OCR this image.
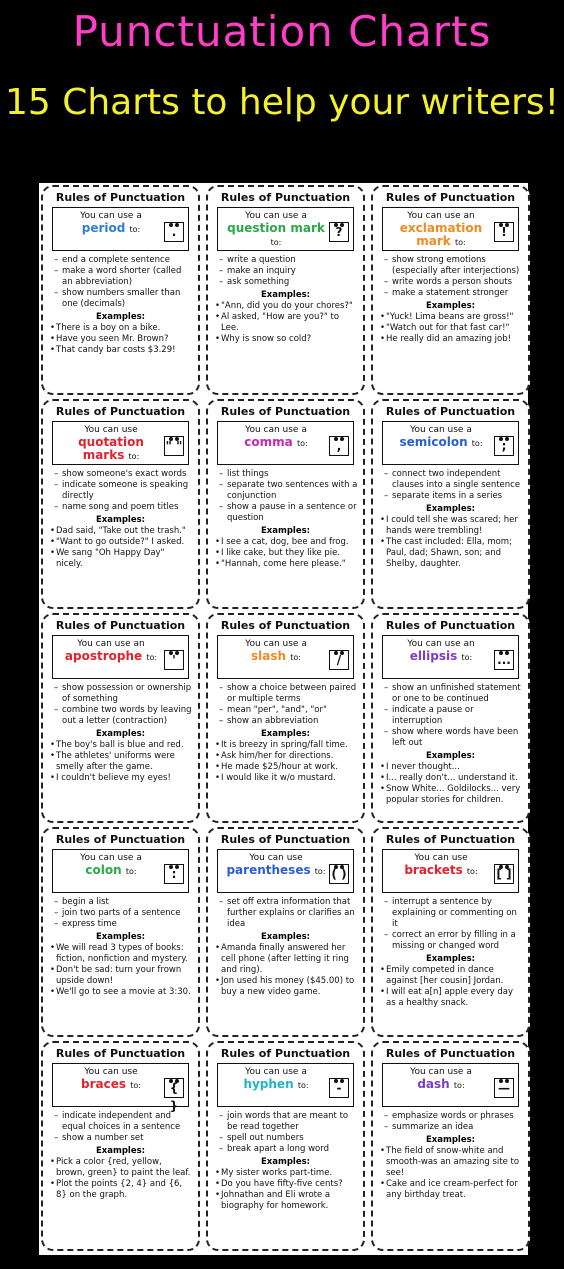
Punctuation Charts
15 Charts to help your writers!
Rules of Punctuation
You can use a
period to:	.
– end a complete sentence
– make a word shorter (called an abbreviation)
– show numbers smaller than one (decimals)
Examples:
• There is a boy on a bike.
• Have you seen Mr. Brown?
• That candy bar costs $3.29!
Rules of Punctuation
You can use a
question mark to:
?
– write a question
– make an inquiry
– ask something
Examples:
• "Ann, did you do your chores?"
• Al asked, "How are you?" to Lee.
• Why is snow so cold?
Rules of Punctuation
You can use an
exclamation mark to:
!
– show strong emotions (especially after interjections)
– write words a person shouts
– make a statement stronger
Examples:
• "Yuck! Lima beans are gross!"
• "Watch out for that fast car!"
• He really did an amazing job!
Rules of Punctuation
You can use
quotation marks to:
" "
– show someone's exact words
– indicate someone is speaking directly
– name song and poem titles
Examples:
• Dad said, "Take out the trash."
• "Want to go outside?" I asked.
• We sang "Oh Happy Day" nicely.
Rules of Punctuation
You can use a
comma to:	,
– list things
– separate two sentences with a conjunction
– show a pause in a sentence or question
Examples:
• I see a cat, dog, bee and frog.
• I like cake, but they like pie.
• "Hannah, come here please."
Rules of Punctuation
You can use a
semicolon to:	;
– connect two independent clauses into a single sentence
– separate items in a series
Examples:
• I could tell she was scared; her hands were trembling!
• The cast included: Ella, mom; Paul, dad; Shawn, son; and Shelby, daughter.
Rules of Punctuation
You can use an
apostrophe to:	'
– show possession or ownership of something
– combine two words by leaving out a letter (contraction)
Examples:
• The boy's ball is blue and red.
• The athletes' uniforms were smelly after the game.
• I couldn't believe my eyes!
Rules of Punctuation
You can use a
slash to:	/
– show a choice between paired or multiple terms
– mean "per", "and", "or"
– show an abbreviation
Examples:
• It is breezy in spring/fall time.
• Ask him/her for directions.
• He made $25/hour at work.
• I would like it w/o mustard.
Rules of Punctuation
You can use an
ellipsis to:	...
– show an unfinished statement or one to be continued
– indicate a pause or interruption
– show where words have been left out
Examples:
• I never thought...
• I... really don't... understand it.
• Snow White... Goldilocks... very popular stories for children.
Rules of Punctuation
You can use a
colon to:	:
– begin a list
– join two parts of a sentence
– express time
Examples:
• We will read 3 types of books: fiction, nonfiction and mystery.
• Don't be sad: turn your frown upside down!
• We'll go to see a movie at 3:30.
Rules of Punctuation
You can use
parentheses to: ( )
– set off extra information that further explains or clarifies an idea
Examples:
• Amanda finally answered her cell phone (after letting it ring and ring).
• Jon used his money ($45.00) to buy a new video game.
Rules of Punctuation
You can use
brackets to:	[ ]
– interrupt a sentence by explaining or commenting on it
– correct an error by filling in a missing or changed word
Examples:
• Emily competed in dance against [her cousin] Jordan.
• I will eat a[n] apple every day as a healthy snack.
Rules of Punctuation
You can use
braces to:	{ }
– indicate independent and equal choices in a sentence
– show a number set
Examples:
• Pick a color {red, yellow, brown, green} to paint the leaf.
• Plot the points {2, 4} and {6, 8} on the graph.
Rules of Punctuation
You can use a
hyphen to:	-
– join words that are meant to be read together
– spell out numbers
– break apart a long word
Examples:
• My sister works part-time.
• Do you have fifty-five cents?
• Johnathan and Eli wrote a biography for homework.
Rules of Punctuation
You can use a
dash to:	—
– emphasize words or phrases
– summarize an idea
Examples:
• The field of snow-white and smooth-was an amazing site to see!
• Cake and ice cream-perfect for any birthday treat.
